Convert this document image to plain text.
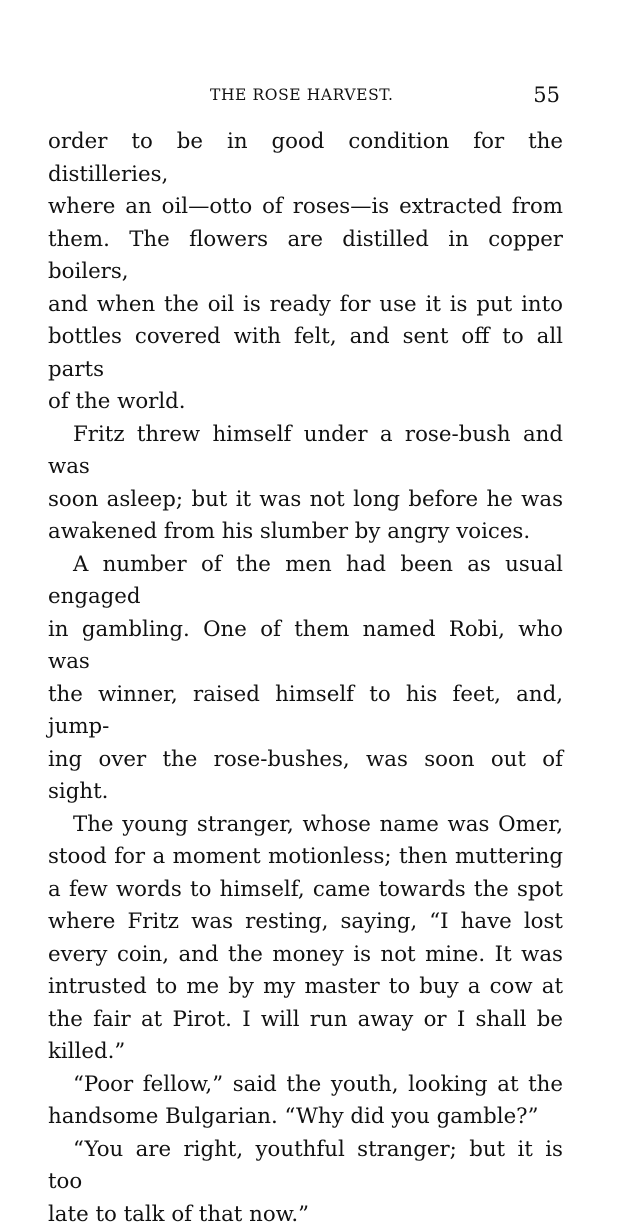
THE ROSE HARVEST.	55

order to be in good condition for the distilleries,

where an oil—otto of roses—is extracted from

them. The flowers are distilled in copper boilers,

and when the oil is ready for use it is put into

bottles covered with felt, and sent off to all parts

of the world.

Fritz threw himself under a rose-bush and was

soon asleep; but it was not long before he was

awakened from his slumber by angry voices.

A number of the men had been as usual engaged

in gambling. One of them named Robi, who was

the winner, raised himself to his feet, and, jump-

ing over the rose-bushes, was soon out of sight.

The young stranger, whose name was Omer,

stood for a moment motionless; then muttering

a few words to himself, came towards the spot

where Fritz was resting, saying, “I have lost

every coin, and the money is not mine. It was

intrusted to me by my master to buy a cow at

the fair at Pirot. I will run away or I shall be

killed.”

“Poor fellow,” said the youth, looking at the

handsome Bulgarian. “Why did you gamble?”

“You are right, youthful stranger; but it is too

late to talk of that now.”
